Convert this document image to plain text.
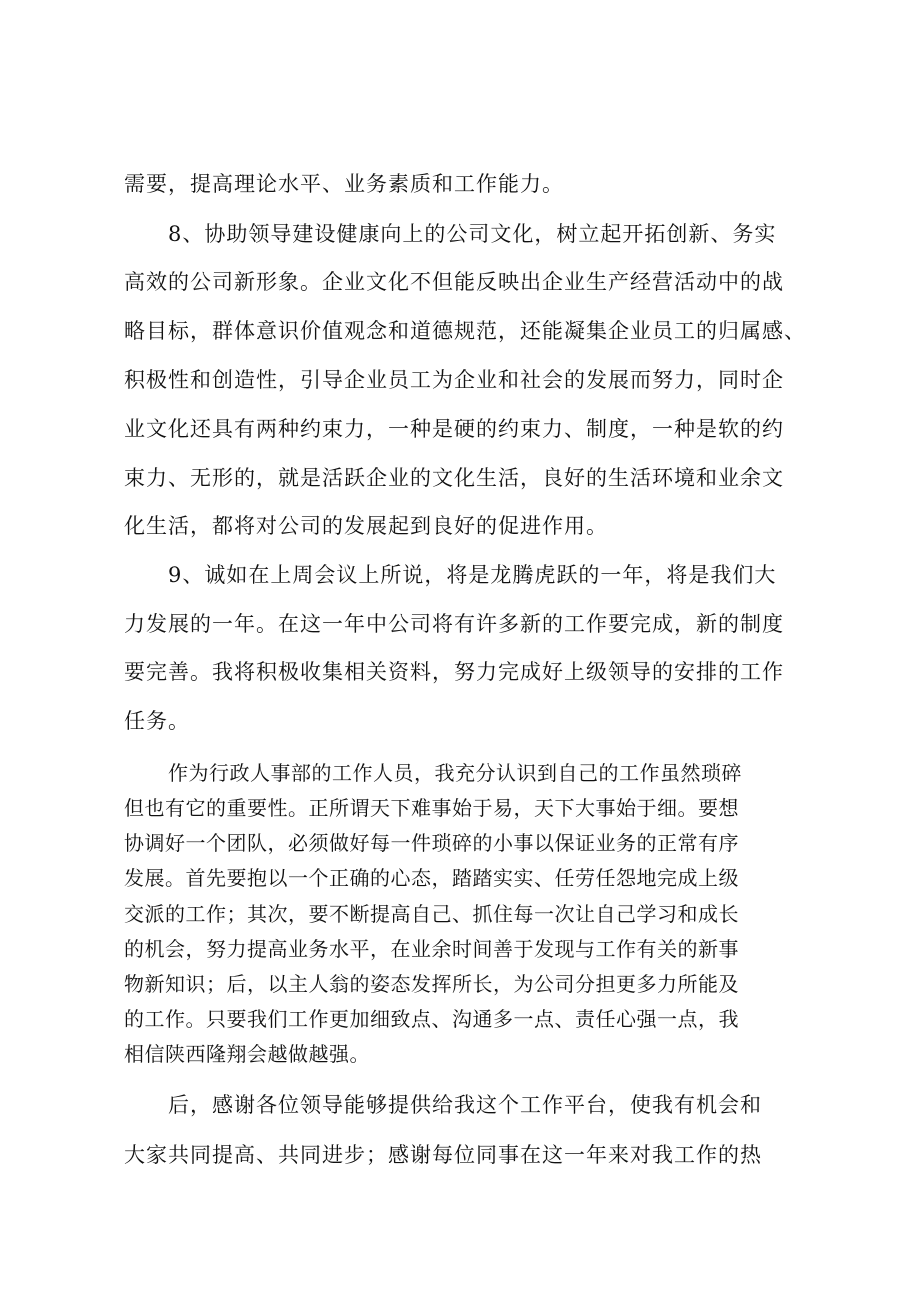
需要，提高理论水平、业务素质和工作能力。
8、协助领导建设健康向上的公司文化，树立起开拓创新、务实
高效的公司新形象。企业文化不但能反映出企业生产经营活动中的战
略目标，群体意识价值观念和道德规范，还能凝集企业员工的归属感、
积极性和创造性，引导企业员工为企业和社会的发展而努力，同时企
业文化还具有两种约束力，一种是硬的约束力、制度，一种是软的约
束力、无形的，就是活跃企业的文化生活，良好的生活环境和业余文
化生活，都将对公司的发展起到良好的促进作用。
9、诚如在上周会议上所说，将是龙腾虎跃的一年，将是我们大
力发展的一年。在这一年中公司将有许多新的工作要完成，新的制度
要完善。我将积极收集相关资料，努力完成好上级领导的安排的工作
任务。
作为行政人事部的工作人员，我充分认识到自己的工作虽然琐碎
但也有它的重要性。正所谓天下难事始于易，天下大事始于细。要想
协调好一个团队，必须做好每一件琐碎的小事以保证业务的正常有序
发展。首先要抱以一个正确的心态，踏踏实实、任劳任怨地完成上级
交派的工作；其次，要不断提高自己、抓住每一次让自己学习和成长
的机会，努力提高业务水平，在业余时间善于发现与工作有关的新事
物新知识；后，以主人翁的姿态发挥所长，为公司分担更多力所能及
的工作。只要我们工作更加细致点、沟通多一点、责任心强一点，我
相信陕西隆翔会越做越强。
后，感谢各位领导能够提供给我这个工作平台，使我有机会和
大家共同提高、共同进步；感谢每位同事在这一年来对我工作的热
